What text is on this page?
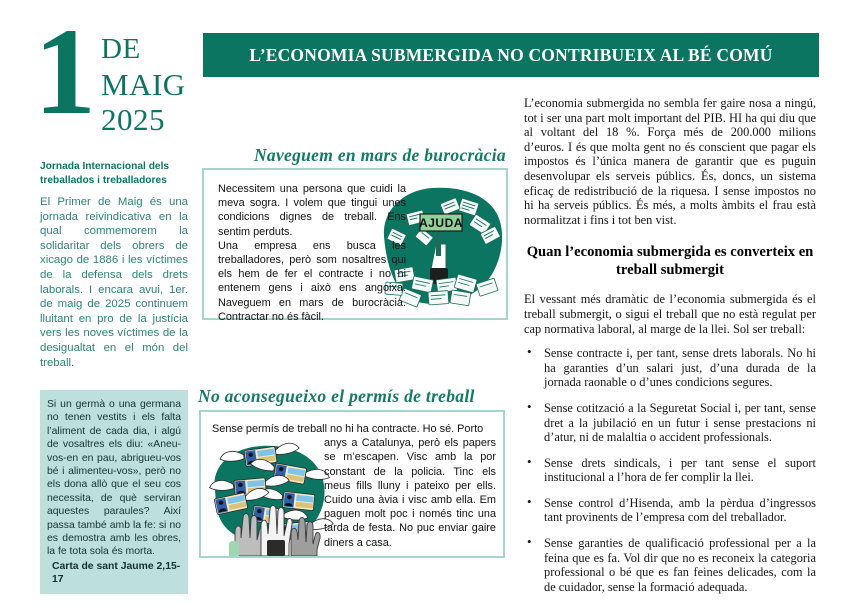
1 DE
MAIG
2025
L’ECONOMIA SUBMERGIDA NO CONTRIBUEIX AL BÉ COMÚ
Jornada Internacional dels treballados i treballadores
El Primer de Maig és una jornada reivindicativa en la qual commemorem la solidaritar dels obrers de xicago de 1886 i les víctimes de la defensa dels drets laborals. I encara avui, 1er. de maig de 2025 continuem lluitant en pro de la justícia vers les noves víctimes de la desigualtat en el món del treball.
Si un germà o una germana no tenen vestits i els falta l’aliment de cada dia, i algú de vosaltres els diu: «Aneu-vos-en en pau, abrigueu-vos bé i alimenteu-vos», però no els dona allò que el seu cos necessita, de què serviran aquestes paraules? Així passa també amb la fe: si no es demostra amb les obres, la fe tota sola és morta.
Carta de sant Jaume 2,15-17
Naveguem en mars de burocràcia
AJUDA

Necessitem una persona que cuidi la meva sogra. I volem que tingui unes condicions dignes de treball. Ens sentim perduts.

Una empresa ens busca les treballadores, però som nosaltres qui els hem de fer el contracte i no hi entenem gens i això ens angoixa. Naveguem en mars de burocràcia. Contractar no és fàcil.

No aconsegueixo el permís de treball
Sense permís de treball no hi ha contracte. Ho sé. Porto
anys a Catalunya, però els papers se m’escapen. Visc amb la por constant de la policia. Tinc els meus fills lluny i pateixo per ells. Cuido una àvia i visc amb ella. Em paguen molt poc i només tinc una tarda de festa. No puc enviar gaire diners a casa.

L’economia submergida no sembla fer gaire nosa a ningú, tot i ser una part molt important del PIB. HI ha qui diu que al voltant del 18 %. Força més de 200.000 milions d’euros. I és que molta gent no és conscient que pagar els impostos és l’única manera de garantir que es puguin desenvolupar els serveis públics. És, doncs, un sistema eficaç de redistribució de la riquesa. I sense impostos no hi ha serveis públics. És més, a molts àmbits el frau està normalitzat i fins i tot ben vist.

Quan l’economia submergida es converteix en treball submergit

El vessant més dramàtic de l’economia submergida és el treball submergit, o sigui el treball que no està regulat per cap normativa laboral, al marge de la llei. Sol ser treball:

• Sense contracte i, per tant, sense drets laborals. No hi ha garanties d’un salari just, d’una durada de la jornada raonable o d’unes condicions segures.
• Sense cotització a la Seguretat Social i, per tant, sense dret a la jubilació en un futur i sense prestacions ni d’atur, ni de malaltia o accident professionals.
• Sense drets sindicals, i per tant sense el suport institucional a l’hora de fer complir la llei.
• Sense control d’Hisenda, amb la pèrdua d’ingressos tant provinents de l’empresa com del treballador.
• Sense garanties de qualificació professional per a la feina que es fa. Vol dir que no es reconeix la categoria professional o bé que es fan feines delicades, com la de cuidador, sense la formació adequada.
